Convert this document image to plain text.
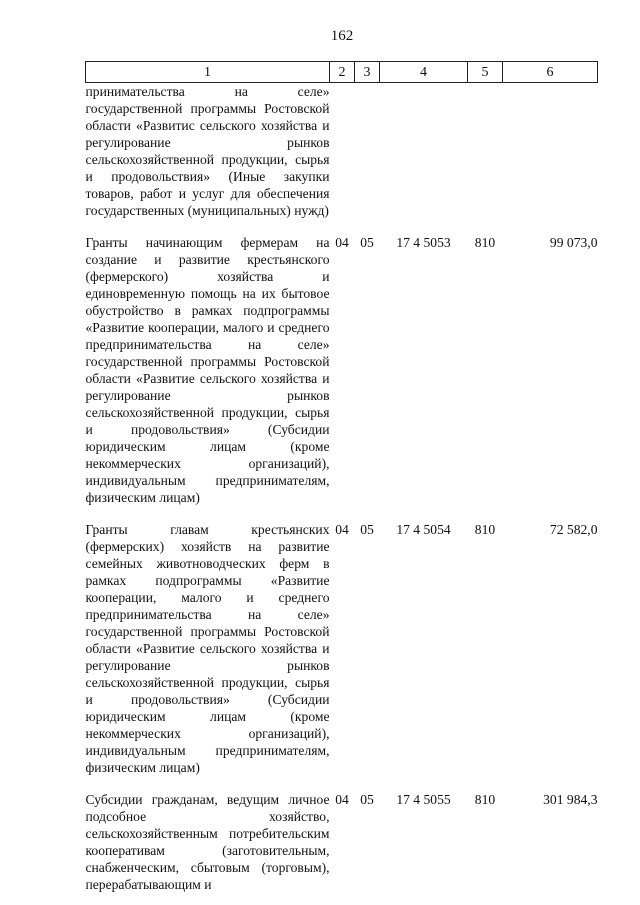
162
1	2	3	4	5	6
принимательства на селе» государственной программы Ростовской области «Развитис сельского хозяйства и регулирование рынков сельскохозяйственной продукции, сырья и продовольствия» (Иные закупки товаров, работ и услуг для обеспечения государственных (муниципальных) нужд)					

Гранты начинающим фермерам на создание и развитие крестьянского (фермерского) хозяйства и единовременную помощь на их бытовое обустройство в рамках подпрограммы «Развитие кооперации, малого и среднего предпринимательства на селе» государственной программы Ростовской области «Развитие сельского хозяйства и регулирование рынков сельскохозяйственной продукции, сырья и продовольствия» (Субсидии юридическим лицам (кроме некоммерческих организаций), индивидуальным предпринимателям, физическим лицам)	04	05	17 4 5053	810	99 073,0

Гранты главам крестьянских (фермерских) хозяйств на развитие семейных животноводческих ферм в рамках подпрограммы «Развитие кооперации, малого и среднего предпринимательства на селе» государственной программы Ростовской области «Развитие сельского хозяйства и регулирование рынков сельскохозяйственной продукции, сырья и продовольствия» (Субсидии юридическим лицам (кроме некоммерческих организаций), индивидуальным предпринимателям, физическим лицам)	04	05	17 4 5054	810	72 582,0

Субсидии гражданам, ведущим личное подсобное хозяйство, сельскохозяйственным потребительским кооперативам (заготовительным, снабженческим, сбытовым (торговым), перерабатывающим и	04	05	17 4 5055	810	301 984,3
